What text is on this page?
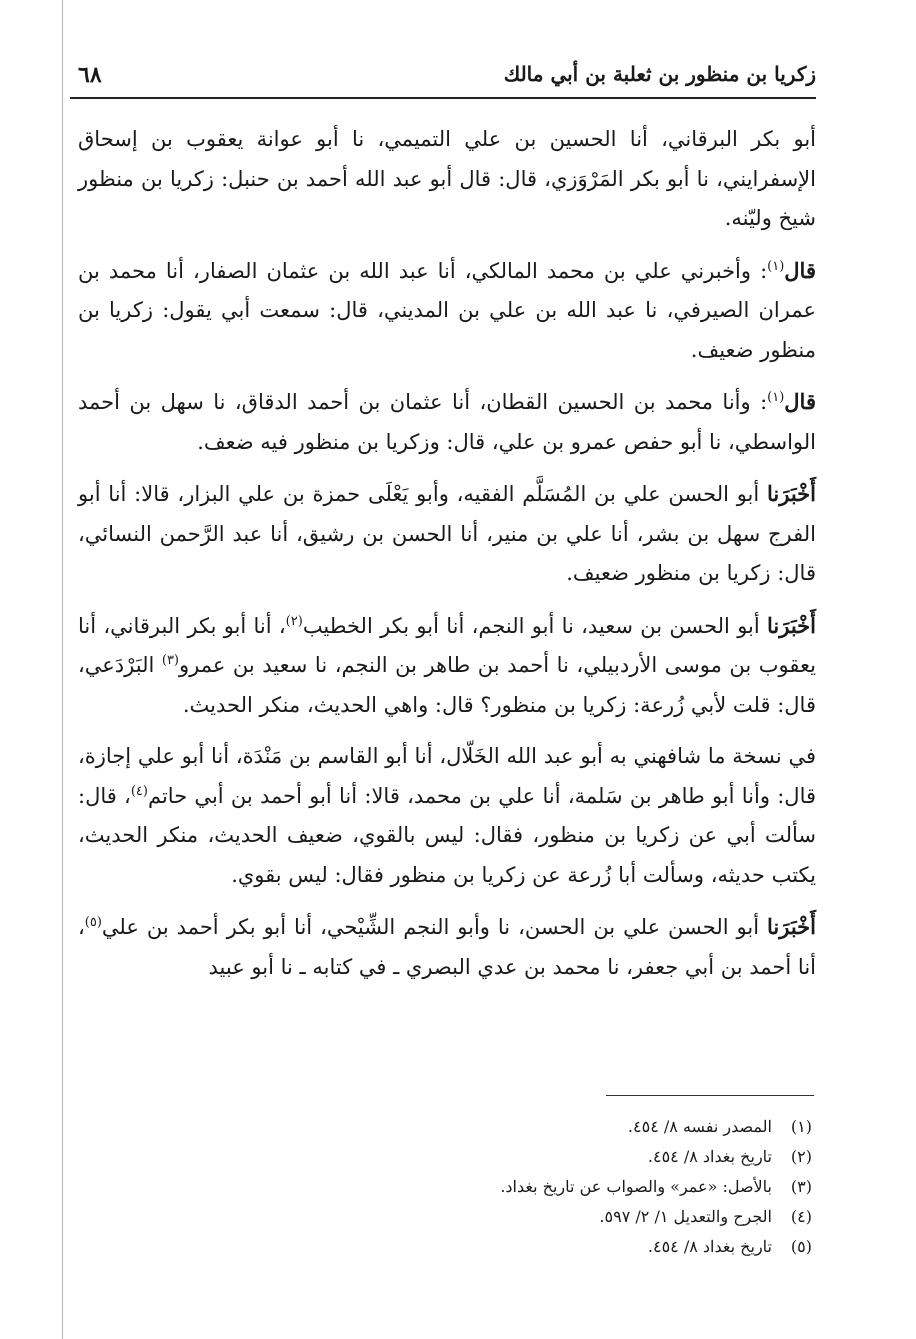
زكريا بن منظور بن ثعلبة بن أبي مالك
٦٨

أبو بكر البرقاني، أنا الحسين بن علي التميمي، نا أبو عوانة يعقوب بن إسحاق الإسفرايني، نا أبو بكر المَرْوَزي، قال: قال أبو عبد الله أحمد بن حنبل: زكريا بن منظور شيخ وليّنه.

قال$^{(١)}$: وأخبرني علي بن محمد المالكي، أنا عبد الله بن عثمان الصفار، أنا محمد بن عمران الصيرفي، نا عبد الله بن علي بن المديني، قال: سمعت أبي يقول: زكريا بن منظور ضعيف.

قال$^{(١)}$: وأنا محمد بن الحسين القطان، أنا عثمان بن أحمد الدقاق، نا سهل بن أحمد الواسطي، نا أبو حفص عمرو بن علي، قال: وزكريا بن منظور فيه ضعف.

أَخْبَرَنا أبو الحسن علي بن المُسَلَّم الفقيه، وأبو يَعْلَى حمزة بن علي البزار، قالا: أنا أبو الفرج سهل بن بشر، أنا علي بن منير، أنا الحسن بن رشيق، أنا عبد الرَّحمن النسائي، قال: زكريا بن منظور ضعيف.

أَخْبَرَنا أبو الحسن بن سعيد، نا أبو النجم، أنا أبو بكر الخطيب$^{(٢)}$، أنا أبو بكر البرقاني، أنا يعقوب بن موسى الأردبيلي، نا أحمد بن طاهر بن النجم، نا سعيد بن عمرو$^{(٣)}$ البَرْدَعي، قال: قلت لأبي زُرعة: زكريا بن منظور؟ قال: واهي الحديث، منكر الحديث.

في نسخة ما شافهني به أبو عبد الله الخَلّال، أنا أبو القاسم بن مَنْدَة، أنا أبو علي إجازة، قال: وأنا أبو طاهر بن سَلمة، أنا علي بن محمد، قالا: أنا أبو أحمد بن أبي حاتم$^{(٤)}$، قال: سألت أبي عن زكريا بن منظور، فقال: ليس بالقوي، ضعيف الحديث، منكر الحديث، يكتب حديثه، وسألت أبا زُرعة عن زكريا بن منظور فقال: ليس بقوي.

أَخْبَرَنا أبو الحسن علي بن الحسن، نا وأبو النجم الشِّيْحي، أنا أبو بكر أحمد بن علي$^{(٥)}$، أنا أحمد بن أبي جعفر، نا محمد بن عدي البصري ـ في كتابه ـ نا أبو عبيد

(١)المصدر نفسه ٨/ ٤٥٤.
(٢)تاريخ بغداد ٨/ ٤٥٤.
(٣)بالأصل: «عمر» والصواب عن تاريخ بغداد.
(٤)الجرح والتعديل ١/ ٢/ ٥٩٧.
(٥)تاريخ بغداد ٨/ ٤٥٤.
